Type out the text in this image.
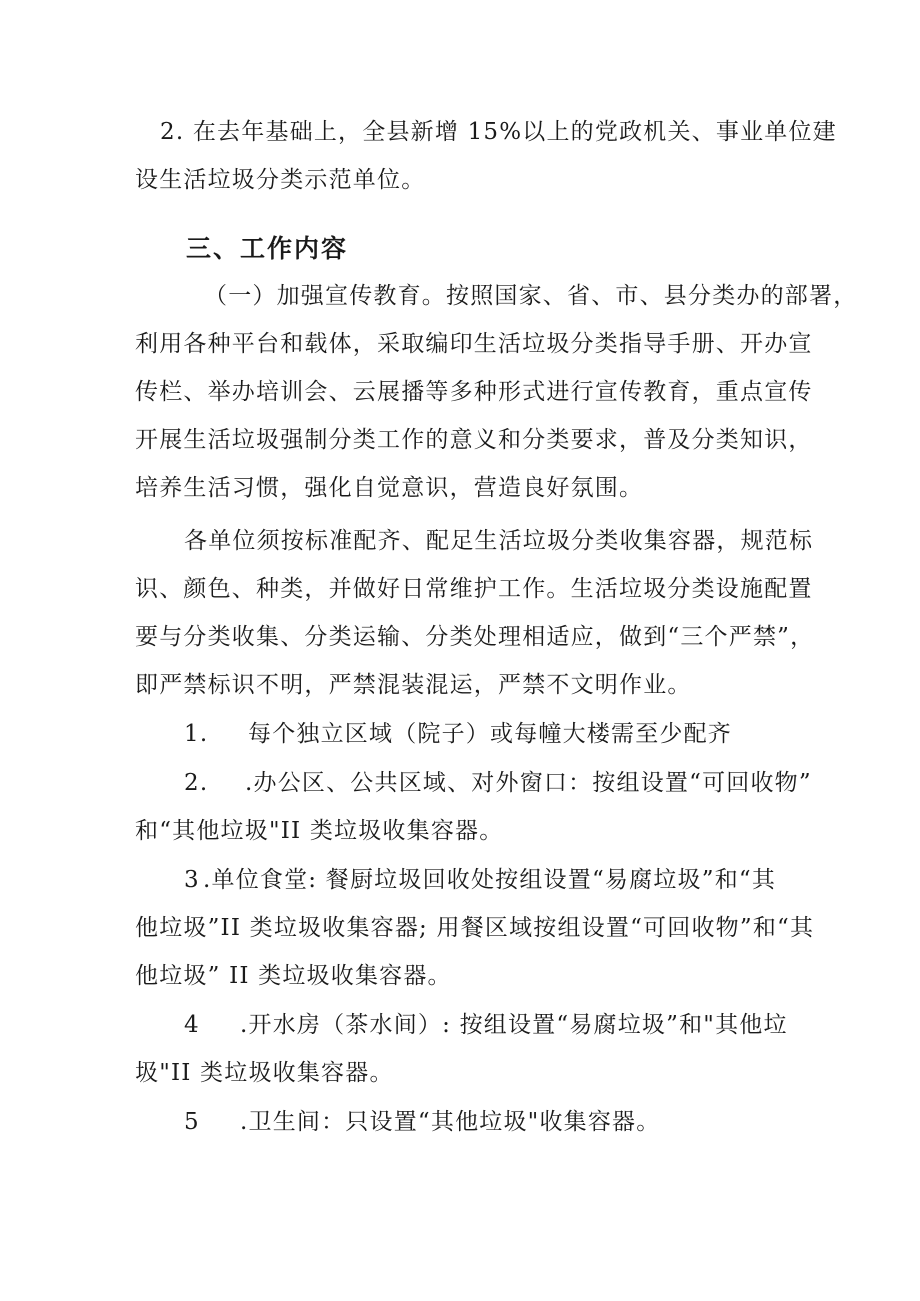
2. 在去年基础上，全县新增 15%以上的党政机关、事业单位建
设生活垃圾分类示范单位。
三、工作内容
（一）加强宣传教育。按照国家、省、市、县分类办的部署，
利用各种平台和载体，采取编印生活垃圾分类指导手册、开办宣
传栏、举办培训会、云展播等多种形式进行宣传教育，重点宣传
开展生活垃圾强制分类工作的意义和分类要求，普及分类知识，
培养生活习惯，强化自觉意识，营造良好氛围。
各单位须按标准配齐、配足生活垃圾分类收集容器，规范标
识、颜色、种类，并做好日常维护工作。生活垃圾分类设施配置
要与分类收集、分类运输、分类处理相适应，做到“三个严禁”，
即严禁标识不明，严禁混装混运，严禁不文明作业。
1. 每个独立区域（院子）或每幢大楼需至少配齐
2. .办公区、公共区域、对外窗口：按组设置“可回收物”
和“其他垃圾"II 类垃圾收集容器。
3 .单位食堂: 餐厨垃圾回收处按组设置“易腐垃圾”和“其
他垃圾”II 类垃圾收集容器; 用餐区域按组设置“可回收物”和“其
他垃圾” II 类垃圾收集容器。
4 .开水房（茶水间）: 按组设置“易腐垃圾”和"其他垃
圾"II 类垃圾收集容器。
5 .卫生间：只设置“其他垃圾"收集容器。
